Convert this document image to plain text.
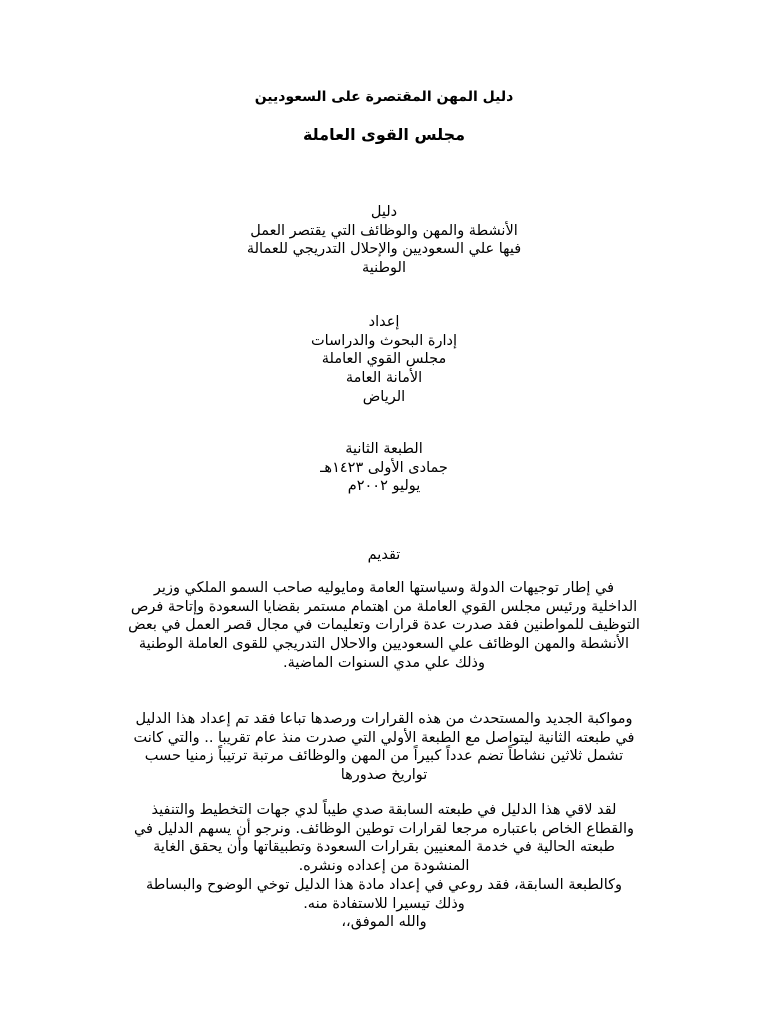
دليل المهن المقتصرة على السعوديين
مجلس القوى العاملة
دليل
الأنشطة والمهن والوظائف التي يقتصر العمل
فيها علي السعوديين والإحلال التدريجي للعمالة
الوطنية
إعداد
إدارة البحوث والدراسات
مجلس القوي العاملة
الأمانة العامة
الرياض
الطبعة الثانية
جمادى الأولى ١٤٢٣هـ
يوليو ٢٠٠٢م
تقديم
في إطار توجيهات الدولة وسياستها العامة ومايوليه صاحب السمو الملكي وزير
الداخلية ورئيس مجلس القوي العاملة من اهتمام مستمر بقضايا السعودة وإتاحة فرص
التوظيف للمواطنين فقد صدرت عدة قرارات وتعليمات في مجال قصر العمل في بعض
الأنشطة والمهن الوظائف علي السعوديين والاحلال التدريجي للقوى العاملة الوطنية
وذلك علي مدي السنوات الماضية.
ومواكبة الجديد والمستحدث من هذه القرارات ورصدها تباعا فقد تم إعداد هذا الدليل
في طبعته الثانية ليتواصل مع الطبعة الأولي التي صدرت منذ عام تقريبا .. والتي كانت
تشمل ثلاثين نشاطاً تضم عدداً كبيراً من المهن والوظائف مرتبة ترتيباً زمنيا حسب
تواريخ صدورها
لقد لاقي هذا الدليل في طبعته السابقة صدي طيباً لدي جهات التخطيط والتنفيذ
والقطاع الخاص باعتباره مرجعا لقرارات توطين الوظائف. ونرجو أن يسهم الدليل في
طبعته الحالية في خدمة المعنيين بقرارات السعودة وتطبيقاتها وأن يحقق الغاية
المنشودة من إعداده ونشره.
وكالطبعة السابقة، فقد روعي في إعداد مادة هذا الدليل توخي الوضوح والبساطة
وذلك تيسيرا للاستفادة منه.
والله الموفق،،
